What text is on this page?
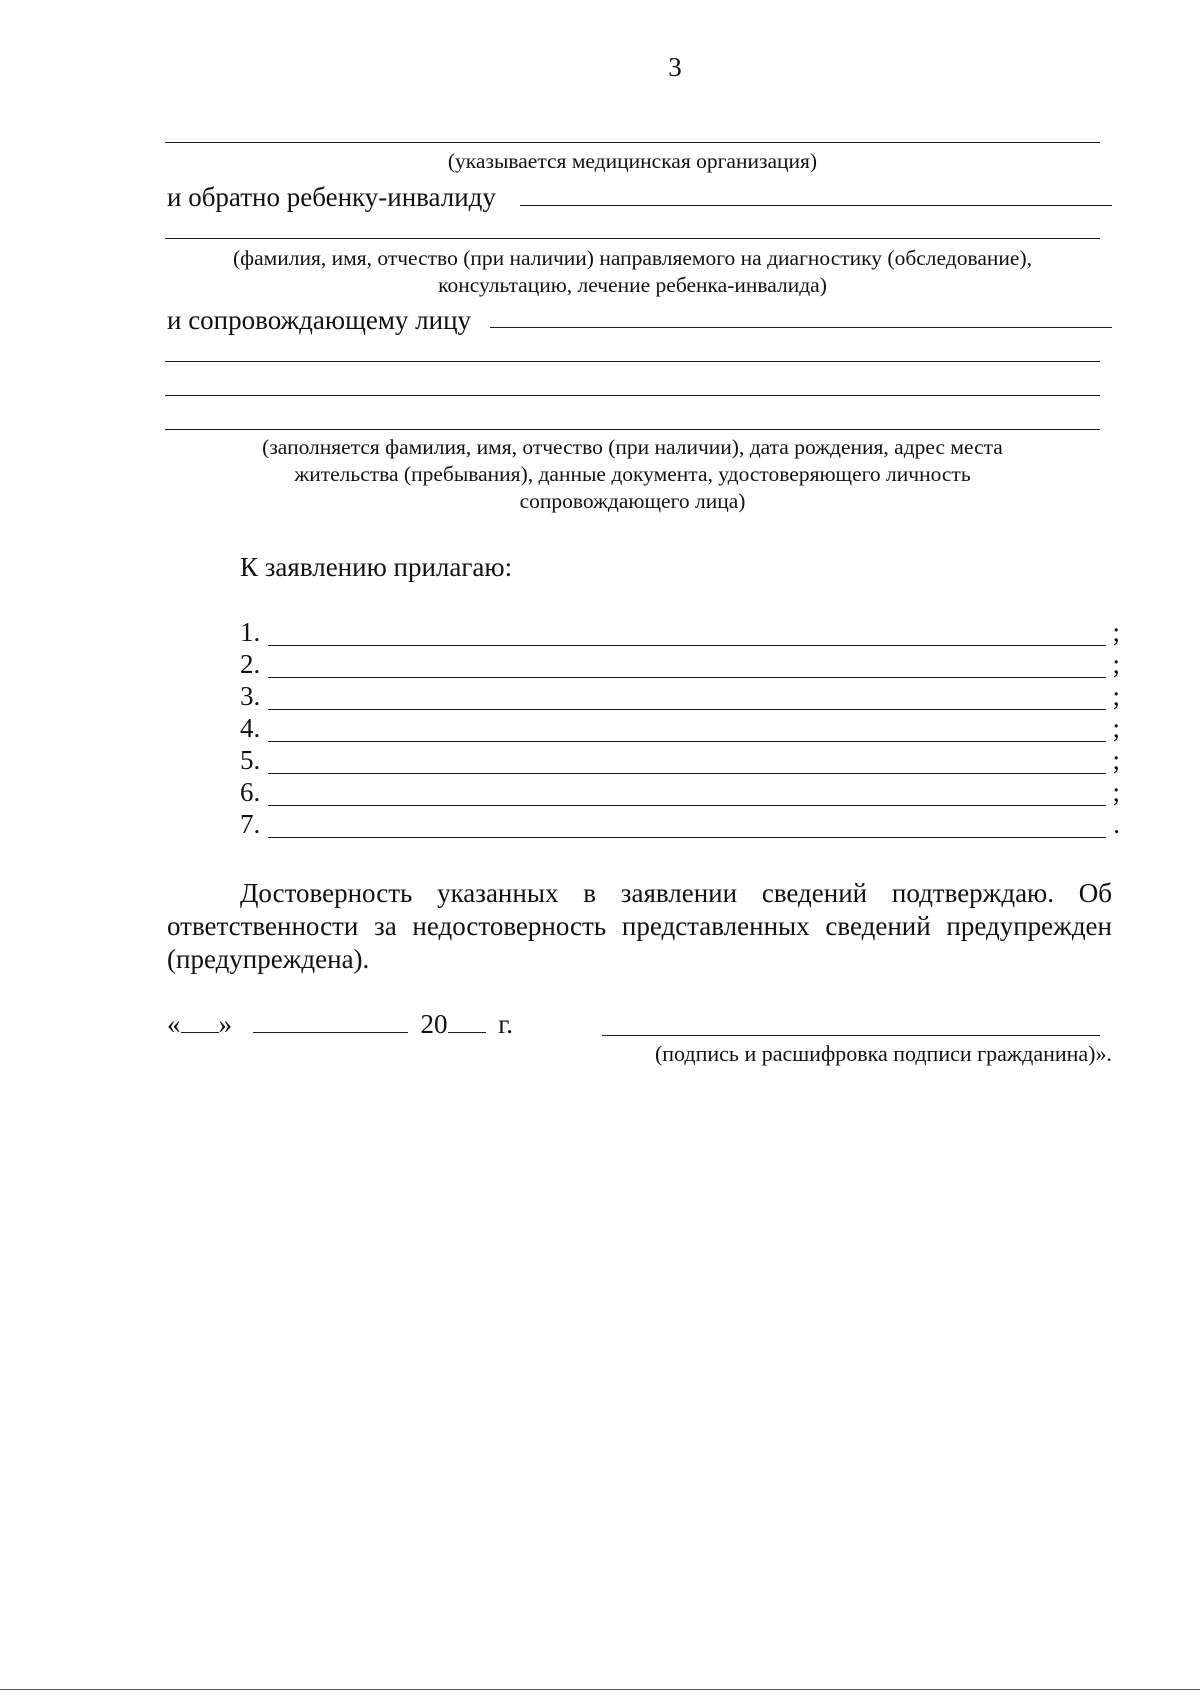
3
(указывается медицинская организация)
и обратно ребенку-инвалиду
(фамилия, имя, отчество (при наличии) направляемого на диагностику (обследование),
консультацию, лечение ребенка-инвалида)
и сопровождающему лицу
(заполняется фамилия, имя, отчество (при наличии), дата рождения, адрес места
жительства (пребывания), данные документа, удостоверяющего личность
сопровождающего лица)
К заявлению прилагаю:
1.	;
2.	;
3.	;
4.	;
5.	;
6.	;
7.	.
Достоверность указанных в заявлении сведений подтверждаю. Об ответственности за недостоверность представленных сведений предупрежден (предупреждена).
« »	20 г.
(подпись и расшифровка подписи гражданина)».
